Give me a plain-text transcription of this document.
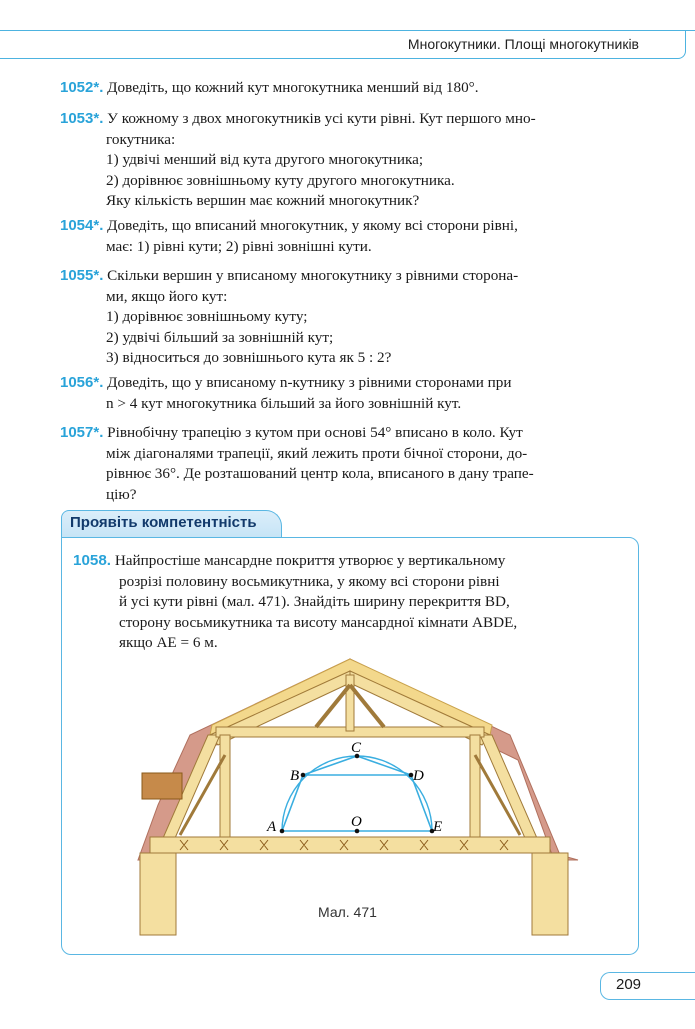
Многокутники. Площі многокутників
1052*. Доведіть, що кожний кут многокутника менший від 180°.
1053*. У кожному з двох многокутників усі кути рівні. Кут першого мно-
гокутника:
1) удвічі менший від кута другого многокутника;
2) дорівнює зовнішньому куту другого многокутника.
Яку кількість вершин має кожний многокутник?
1054*. Доведіть, що вписаний многокутник, у якому всі сторони рівні,
має: 1) рівні кути; 2) рівні зовнішні кути.
1055*. Скільки вершин у вписаному многокутнику з рівними сторона-
ми, якщо його кут:
1) дорівнює зовнішньому куту;
2) удвічі більший за зовнішній кут;
3) відноситься до зовнішнього кута як 5 : 2?
1056*. Доведіть, що у вписаному n-кутнику з рівними сторонами при
n > 4 кут многокутника більший за його зовнішній кут.
1057*. Рівнобічну трапецію з кутом при основі 54° вписано в коло. Кут
між діагоналями трапеції, який лежить проти бічної сторони, до-
рівнює 36°. Де розташований центр кола, вписаного в дану трапе-
цію?
Проявіть компетентність
1058. Найпростіше мансардне покриття утворює у вертикальному
розрізі половину восьмикутника, у якому всі сторони рівні
й усі кути рівні (мал. 471). Знайдіть ширину перекриття BD,
сторону восьмикутника та висоту мансардної кімнати ABDE,
якщо AE = 6 м.
A
B
C
D
E
O
Мал. 471
209
